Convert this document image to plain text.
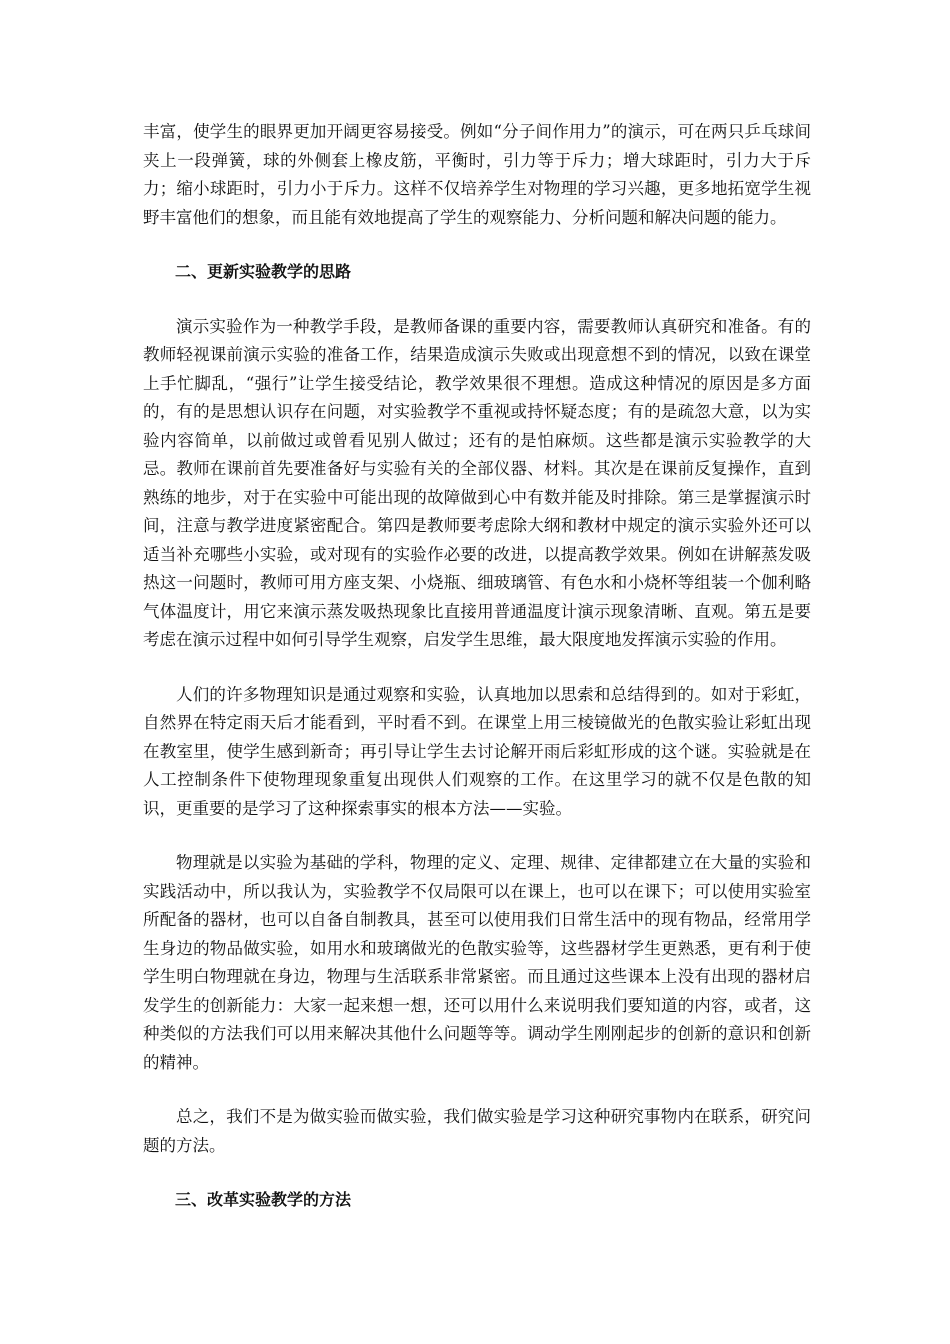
丰富，使学生的眼界更加开阔更容易接受。例如“分子间作用力”的演示，可在两只乒乓球间夹上一段弹簧，球的外侧套上橡皮筋，平衡时，引力等于斥力；增大球距时，引力大于斥力；缩小球距时，引力小于斥力。这样不仅培养学生对物理的学习兴趣，更多地拓宽学生视野丰富他们的想象，而且能有效地提高了学生的观察能力、分析问题和解决问题的能力。

二、更新实验教学的思路

演示实验作为一种教学手段，是教师备课的重要内容，需要教师认真研究和准备。有的教师轻视课前演示实验的准备工作，结果造成演示失败或出现意想不到的情况，以致在课堂上手忙脚乱，“强行”让学生接受结论，教学效果很不理想。造成这种情况的原因是多方面的，有的是思想认识存在问题，对实验教学不重视或持怀疑态度；有的是疏忽大意，以为实验内容简单，以前做过或曾看见别人做过；还有的是怕麻烦。这些都是演示实验教学的大忌。教师在课前首先要准备好与实验有关的全部仪器、材料。其次是在课前反复操作，直到熟练的地步，对于在实验中可能出现的故障做到心中有数并能及时排除。第三是掌握演示时间，注意与教学进度紧密配合。第四是教师要考虑除大纲和教材中规定的演示实验外还可以适当补充哪些小实验，或对现有的实验作必要的改进，以提高教学效果。例如在讲解蒸发吸热这一问题时，教师可用方座支架、小烧瓶、细玻璃管、有色水和小烧杯等组装一个伽利略气体温度计，用它来演示蒸发吸热现象比直接用普通温度计演示现象清晰、直观。第五是要考虑在演示过程中如何引导学生观察，启发学生思维，最大限度地发挥演示实验的作用。

人们的许多物理知识是通过观察和实验，认真地加以思索和总结得到的。如对于彩虹，自然界在特定雨天后才能看到，平时看不到。在课堂上用三棱镜做光的色散实验让彩虹出现在教室里，使学生感到新奇；再引导让学生去讨论解开雨后彩虹形成的这个谜。实验就是在人工控制条件下使物理现象重复出现供人们观察的工作。在这里学习的就不仅是色散的知识，更重要的是学习了这种探索事实的根本方法——实验。

物理就是以实验为基础的学科，物理的定义、定理、规律、定律都建立在大量的实验和实践活动中，所以我认为，实验教学不仅局限可以在课上，也可以在课下；可以使用实验室所配备的器材，也可以自备自制教具，甚至可以使用我们日常生活中的现有物品，经常用学生身边的物品做实验，如用水和玻璃做光的色散实验等，这些器材学生更熟悉，更有利于使学生明白物理就在身边，物理与生活联系非常紧密。而且通过这些课本上没有出现的器材启发学生的创新能力：大家一起来想一想，还可以用什么来说明我们要知道的内容，或者，这种类似的方法我们可以用来解决其他什么问题等等。调动学生刚刚起步的创新的意识和创新的精神。

总之，我们不是为做实验而做实验，我们做实验是学习这种研究事物内在联系，研究问题的方法。

三、改革实验教学的方法
